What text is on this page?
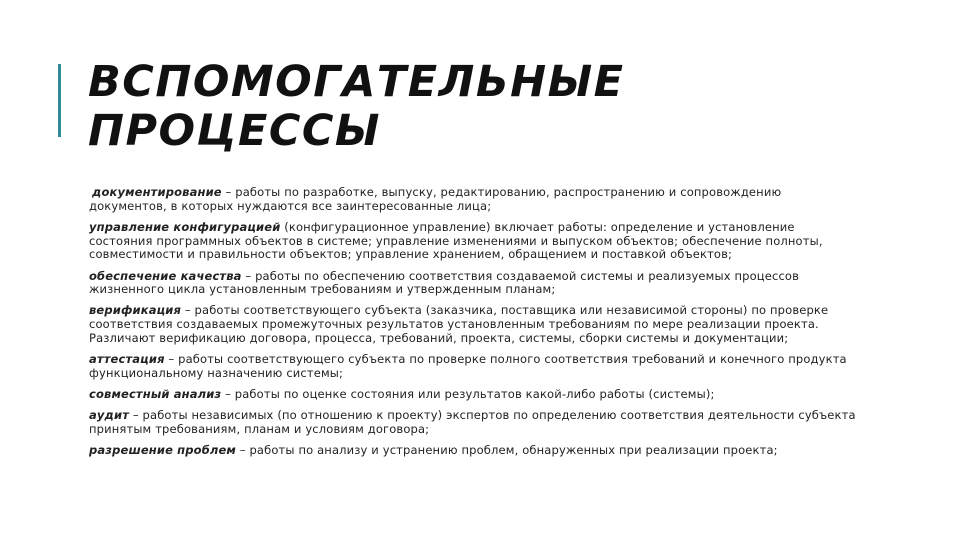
ВСПОМОГАТЕЛЬНЫЕ
ПРОЦЕССЫ
документирование – работы по разработке, выпуску, редактированию, распространению и сопровождению документов, в которых нуждаются все заинтересованные лица;
управление конфигурацией (конфигурационное управление) включает работы: определение и установление состояния программных объектов в системе; управление изменениями и выпуском объектов; обеспечение полноты, совместимости и правильности объектов; управление хранением, обращением и поставкой объектов;
обеспечение качества – работы по обеспечению соответствия создаваемой системы и реализуемых процессов жизненного цикла установленным требованиям и утвержденным планам;
верификация – работы соответствующего субъекта (заказчика, поставщика или независимой стороны) по проверке соответствия создаваемых промежуточных результатов установленным требованиям по мере реализации проекта. Различают верификацию договора, процесса, требований, проекта, системы, сборки системы и документации;
аттестация – работы соответствующего субъекта по проверке полного соответствия требований и конечного продукта функциональному назначению системы;
совместный анализ – работы по оценке состояния или результатов какой-либо работы (системы);
аудит – работы независимых (по отношению к проекту) экспертов по определению соответствия деятельности субъекта принятым требованиям, планам и условиям договора;
разрешение проблем – работы по анализу и устранению проблем, обнаруженных при реализации проекта;
